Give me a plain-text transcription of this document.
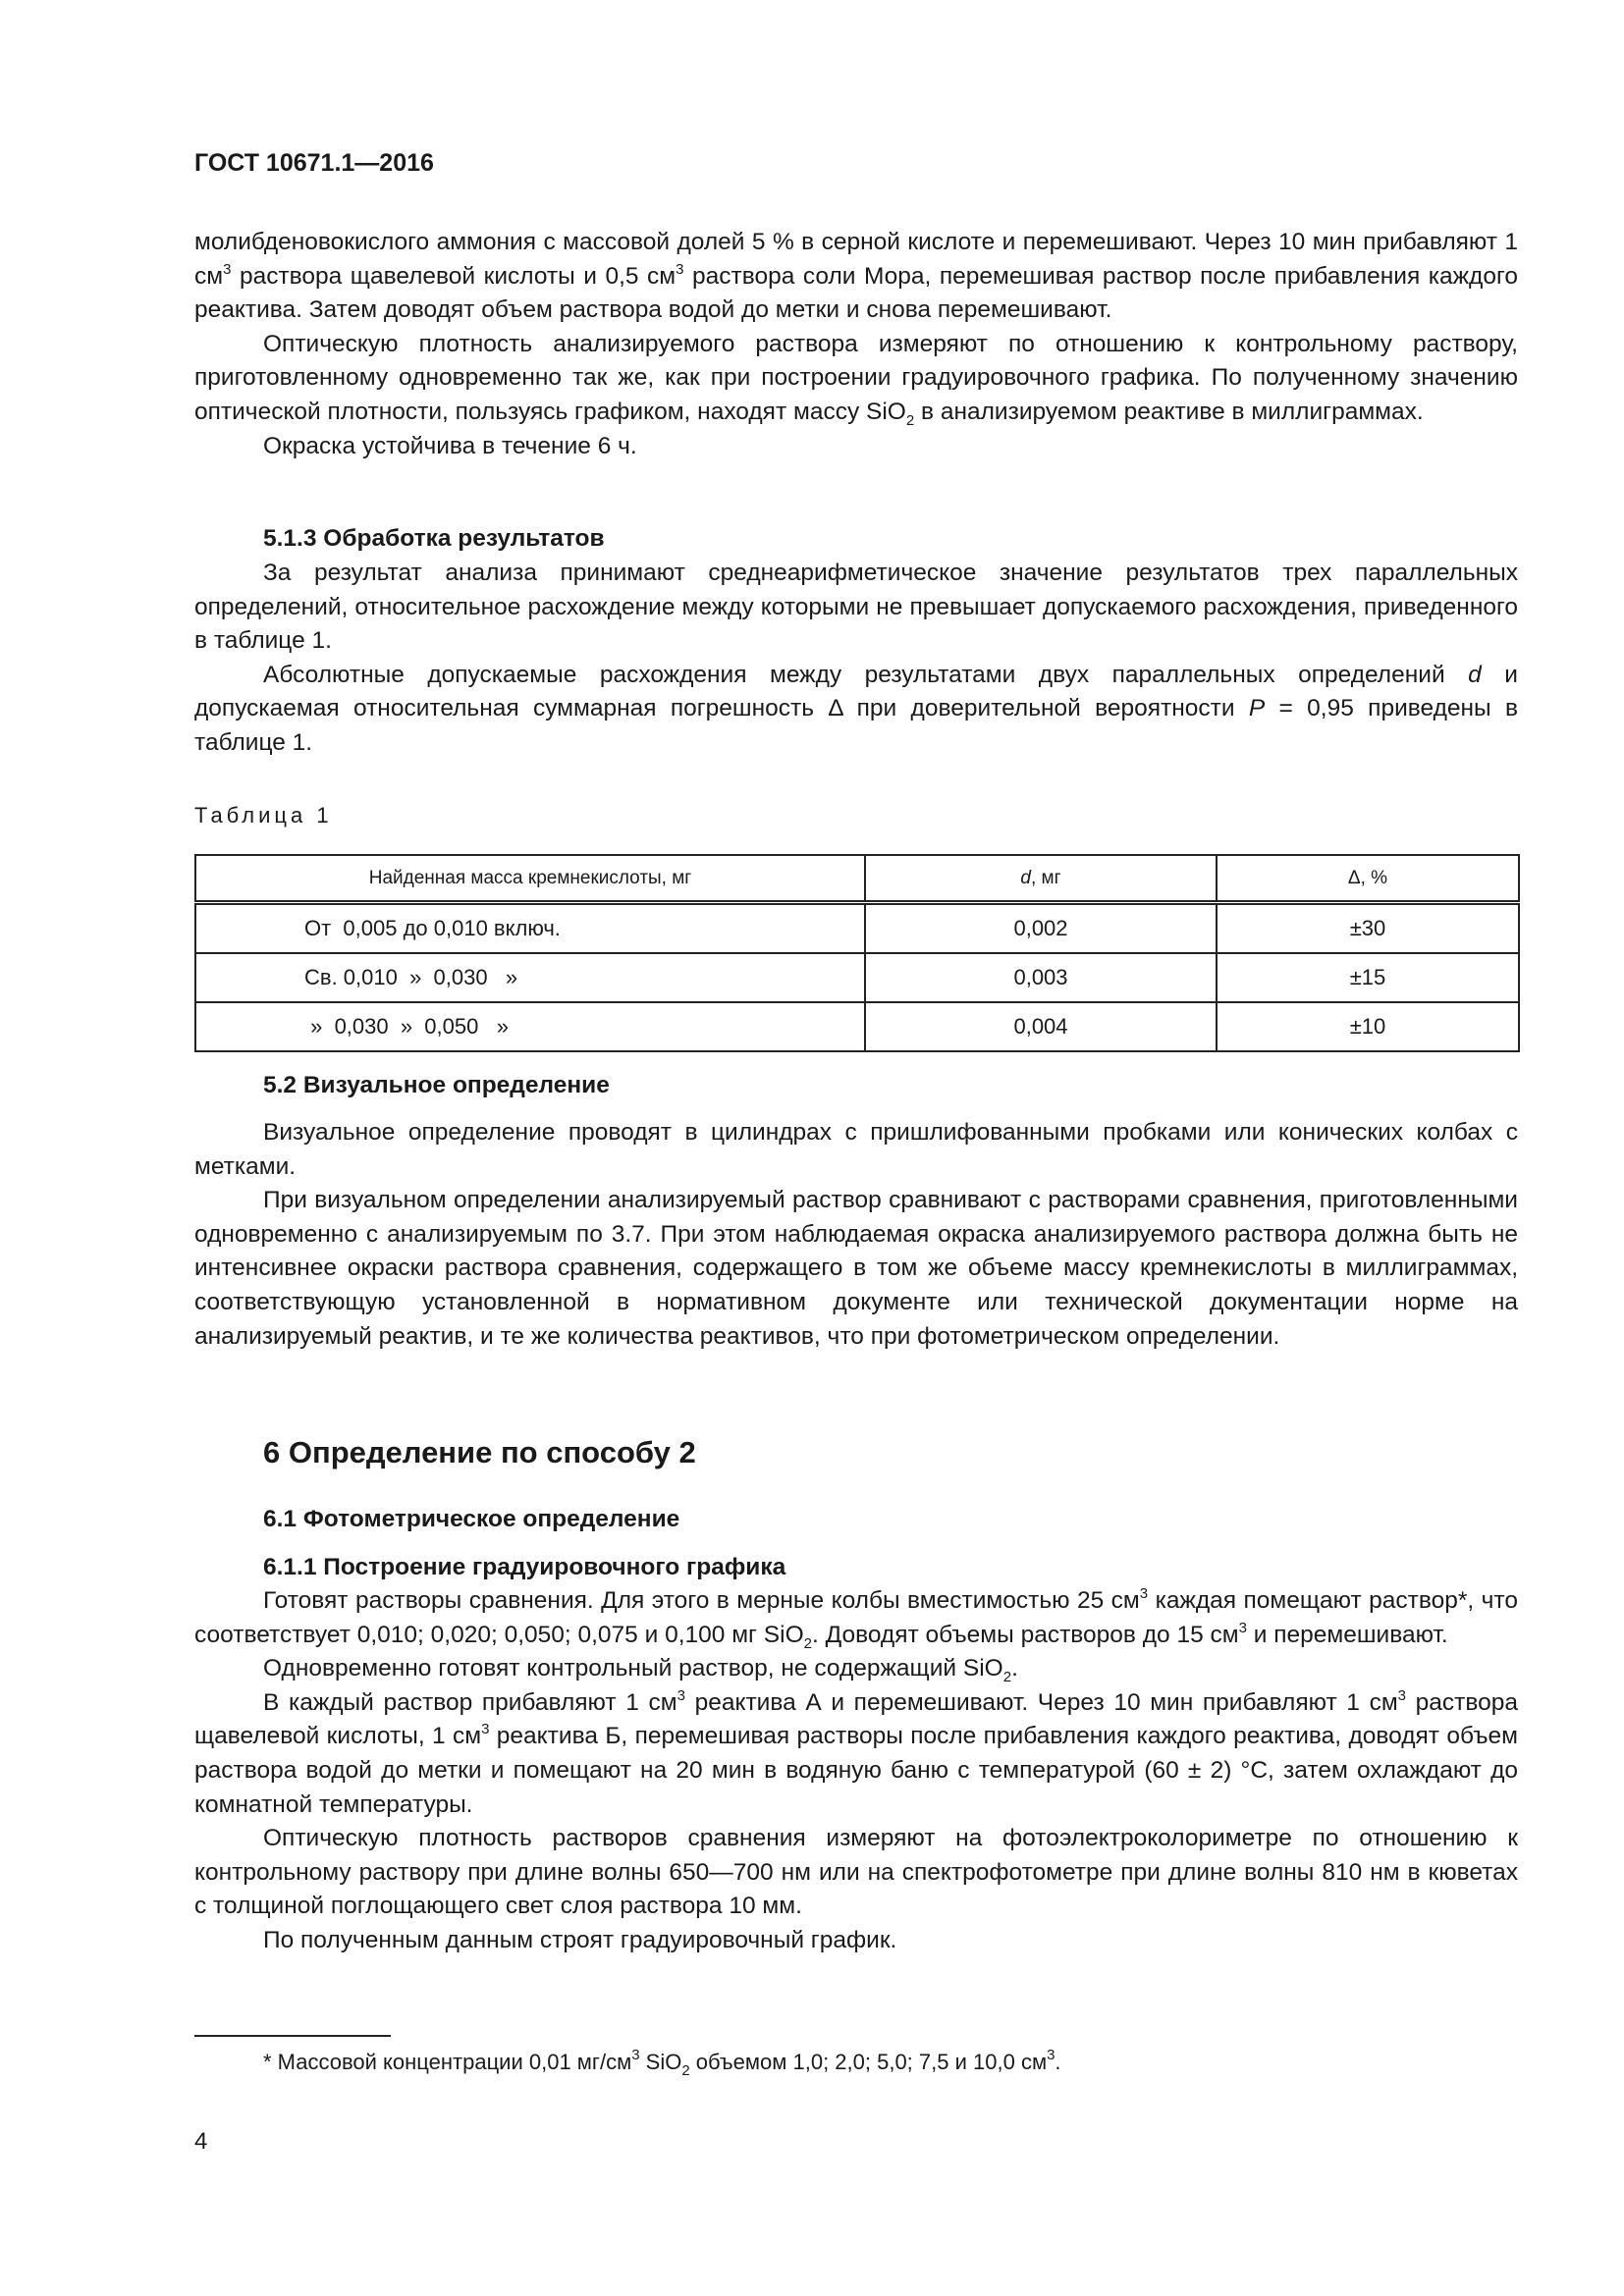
ГОСТ 10671.1—2016

молибденовокислого аммония с массовой долей 5 % в серной кислоте и перемешивают. Через 10 мин прибавляют 1 $см^3$ раствора щавелевой кислоты и 0,5 $см^3$ раствора соли Мора, перемешивая раствор после прибавления каждого реактива. Затем доводят объем раствора водой до метки и снова перемешивают.

Оптическую плотность анализируемого раствора измеряют по отношению к контрольному раствору, приготовленному одновременно так же, как при построении градуировочного графика. По полученному значению оптической плотности, пользуясь графиком, находят массу SiO$_2$ в анализируемом реактиве в миллиграммах.

Окраска устойчива в течение 6 ч.

5.1.3 Обработка результатов

За результат анализа принимают среднеарифметическое значение результатов трех параллельных определений, относительное расхождение между которыми не превышает допускаемого расхождения, приведенного в таблице 1.

Абсолютные допускаемые расхождения между результатами двух параллельных определений d и допускаемая относительная суммарная погрешность Δ при доверительной вероятности P = 0,95 приведены в таблице 1.

Таблица 1
Найденная масса кремнекислоты, мг	d, мг	Δ, %
От  0,005 до 0,010 включ.	0,002	±30
Св. 0,010  »  0,030   »	0,003	±15
»  0,030  »  0,050   »	0,004	±10
5.2 Визуальное определение

Визуальное определение проводят в цилиндрах с пришлифованными пробками или конических колбах с метками.

При визуальном определении анализируемый раствор сравнивают с растворами сравнения, приготовленными одновременно с анализируемым по 3.7. При этом наблюдаемая окраска анализируемого раствора должна быть не интенсивнее окраски раствора сравнения, содержащего в том же объеме массу кремнекислоты в миллиграммах, соответствующую установленной в нормативном документе или технической документации норме на анализируемый реактив, и те же количества реактивов, что при фотометрическом определении.

6 Определение по способу 2
6.1 Фотометрическое определение
6.1.1 Построение градуировочного графика

Готовят растворы сравнения. Для этого в мерные колбы вместимостью 25 $см^3$ каждая помещают раствор*, что соответствует 0,010; 0,020; 0,050; 0,075 и 0,100 мг SiO$_2$. Доводят объемы растворов до 15 $см^3$ и перемешивают.

Одновременно готовят контрольный раствор, не содержащий SiO$_2$.

В каждый раствор прибавляют 1 $см^3$ реактива А и перемешивают. Через 10 мин прибавляют 1 $см^3$ раствора щавелевой кислоты, 1 $см^3$ реактива Б, перемешивая растворы после прибавления каждого реактива, доводят объем раствора водой до метки и помещают на 20 мин в водяную баню с температурой (60 ± 2) °С, затем охлаждают до комнатной температуры.

Оптическую плотность растворов сравнения измеряют на фотоэлектроколориметре по отношению к контрольному раствору при длине волны 650—700 нм или на спектрофотометре при длине волны 810 нм в кюветах с толщиной поглощающего свет слоя раствора 10 мм.

По полученным данным строят градуировочный график.

* Массовой концентрации 0,01 $мг/см^3$ SiO$_2$ объемом 1,0; 2,0; 5,0; 7,5 и 10,0 $см^3$.
4
